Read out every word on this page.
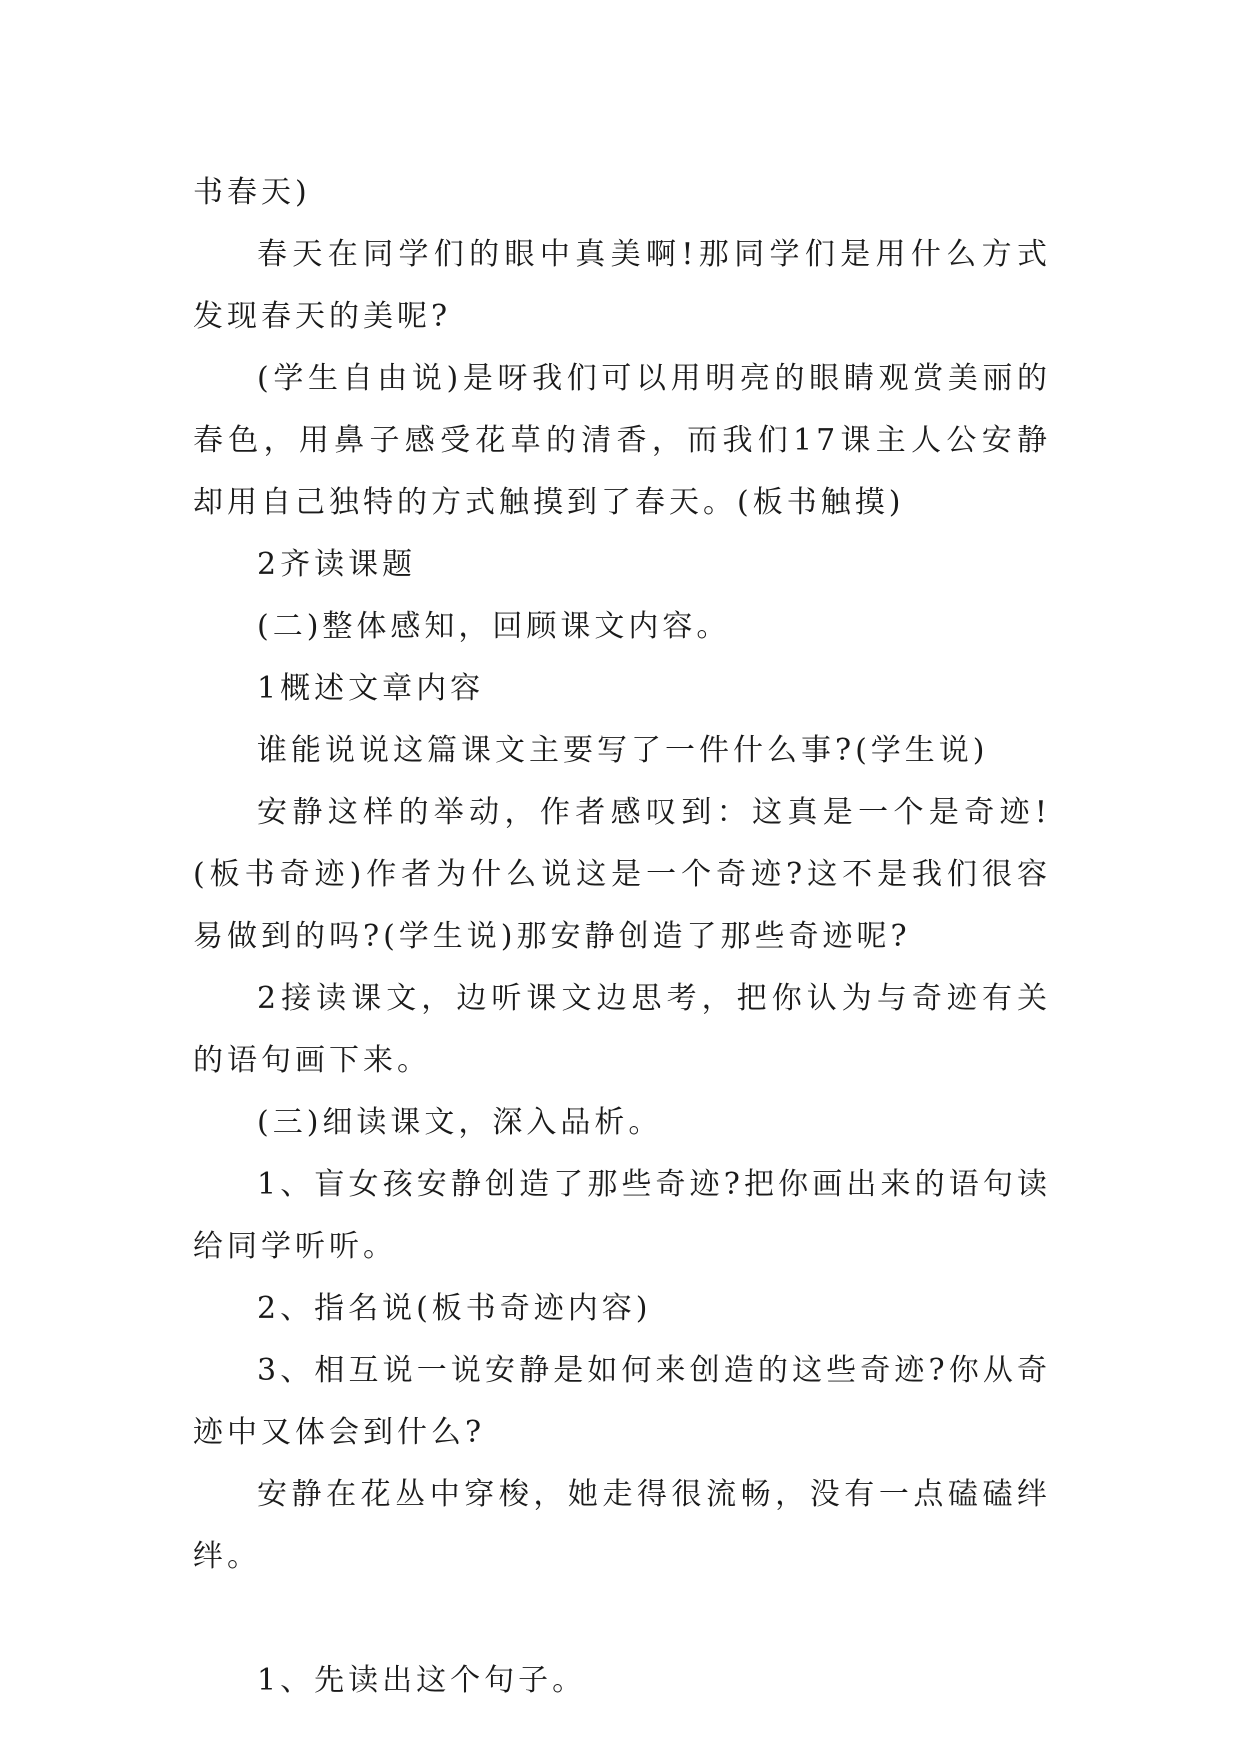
书春天)

春天在同学们的眼中真美啊!那同学们是用什么方式发现春天的美呢?

(学生自由说)是呀我们可以用明亮的眼睛观赏美丽的春色，用鼻子感受花草的清香，而我们17课主人公安静却用自己独特的方式触摸到了春天。(板书触摸)

2齐读课题

(二)整体感知，回顾课文内容。

1概述文章内容

谁能说说这篇课文主要写了一件什么事?(学生说)

安静这样的举动，作者感叹到：这真是一个是奇迹!(板书奇迹)作者为什么说这是一个奇迹?这不是我们很容易做到的吗?(学生说)那安静创造了那些奇迹呢?

2接读课文，边听课文边思考，把你认为与奇迹有关的语句画下来。

(三)细读课文，深入品析。

1、盲女孩安静创造了那些奇迹?把你画出来的语句读给同学听听。

2、指名说(板书奇迹内容)

3、相互说一说安静是如何来创造的这些奇迹?你从奇迹中又体会到什么?

安静在花丛中穿梭，她走得很流畅，没有一点磕磕绊绊。

1、先读出这个句子。
